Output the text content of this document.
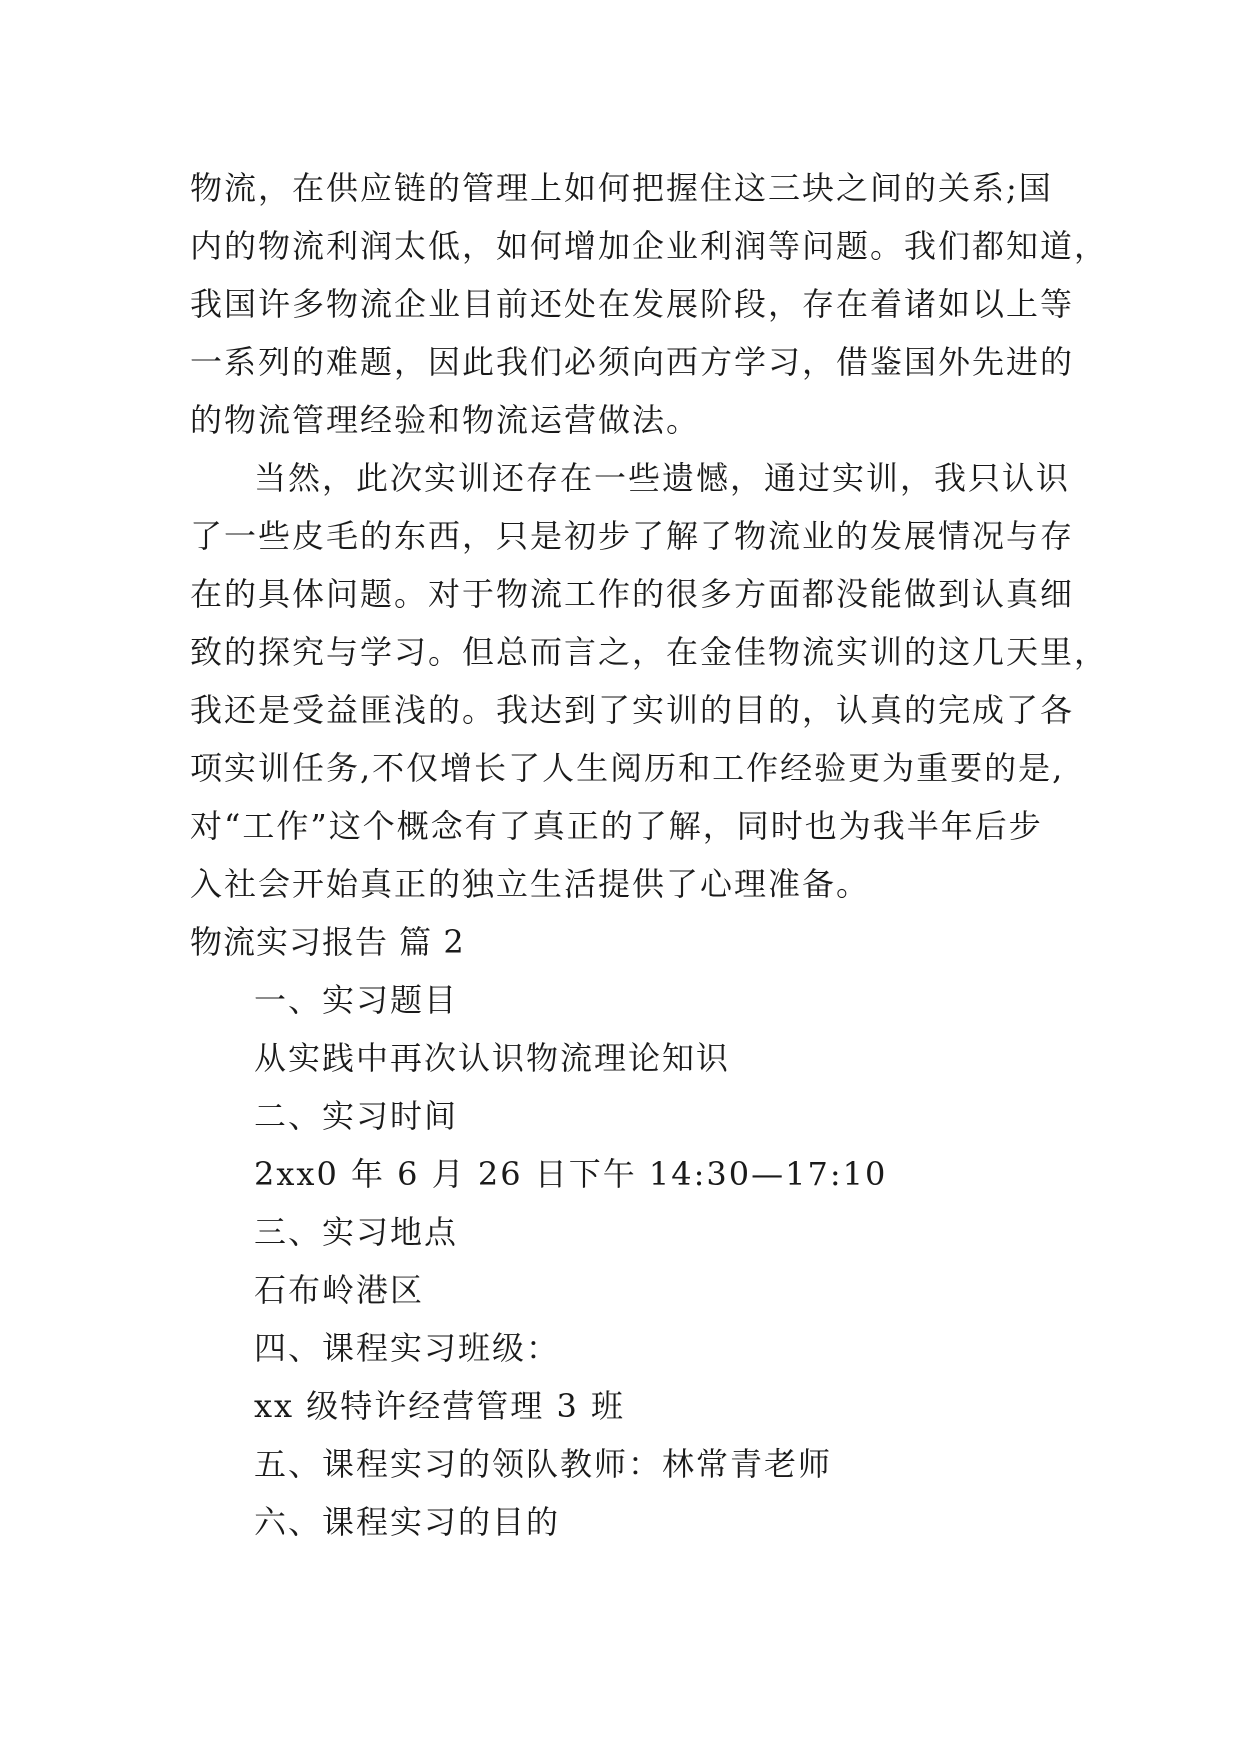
物流，在供应链的管理上如何把握住这三块之间的关系;国
内的物流利润太低，如何增加企业利润等问题。我们都知道，
我国许多物流企业目前还处在发展阶段，存在着诸如以上等
一系列的难题，因此我们必须向西方学习，借鉴国外先进的
的物流管理经验和物流运营做法。
当然，此次实训还存在一些遗憾，通过实训，我只认识
了一些皮毛的东西，只是初步了解了物流业的发展情况与存
在的具体问题。对于物流工作的很多方面都没能做到认真细
致的探究与学习。但总而言之，在金佳物流实训的这几天里，
我还是受益匪浅的。我达到了实训的目的，认真的完成了各
项实训任务,不仅增长了人生阅历和工作经验更为重要的是,
对“工作”这个概念有了真正的了解，同时也为我半年后步
入社会开始真正的独立生活提供了心理准备。
物流实习报告 篇 2
一、实习题目
从实践中再次认识物流理论知识
二、实习时间
2xx0 年 6 月 26 日下午 14:30—17:10
三、实习地点
石布岭港区
四、课程实习班级：
xx 级特许经营管理 3 班
五、课程实习的领队教师：林常青老师
六、课程实习的目的
